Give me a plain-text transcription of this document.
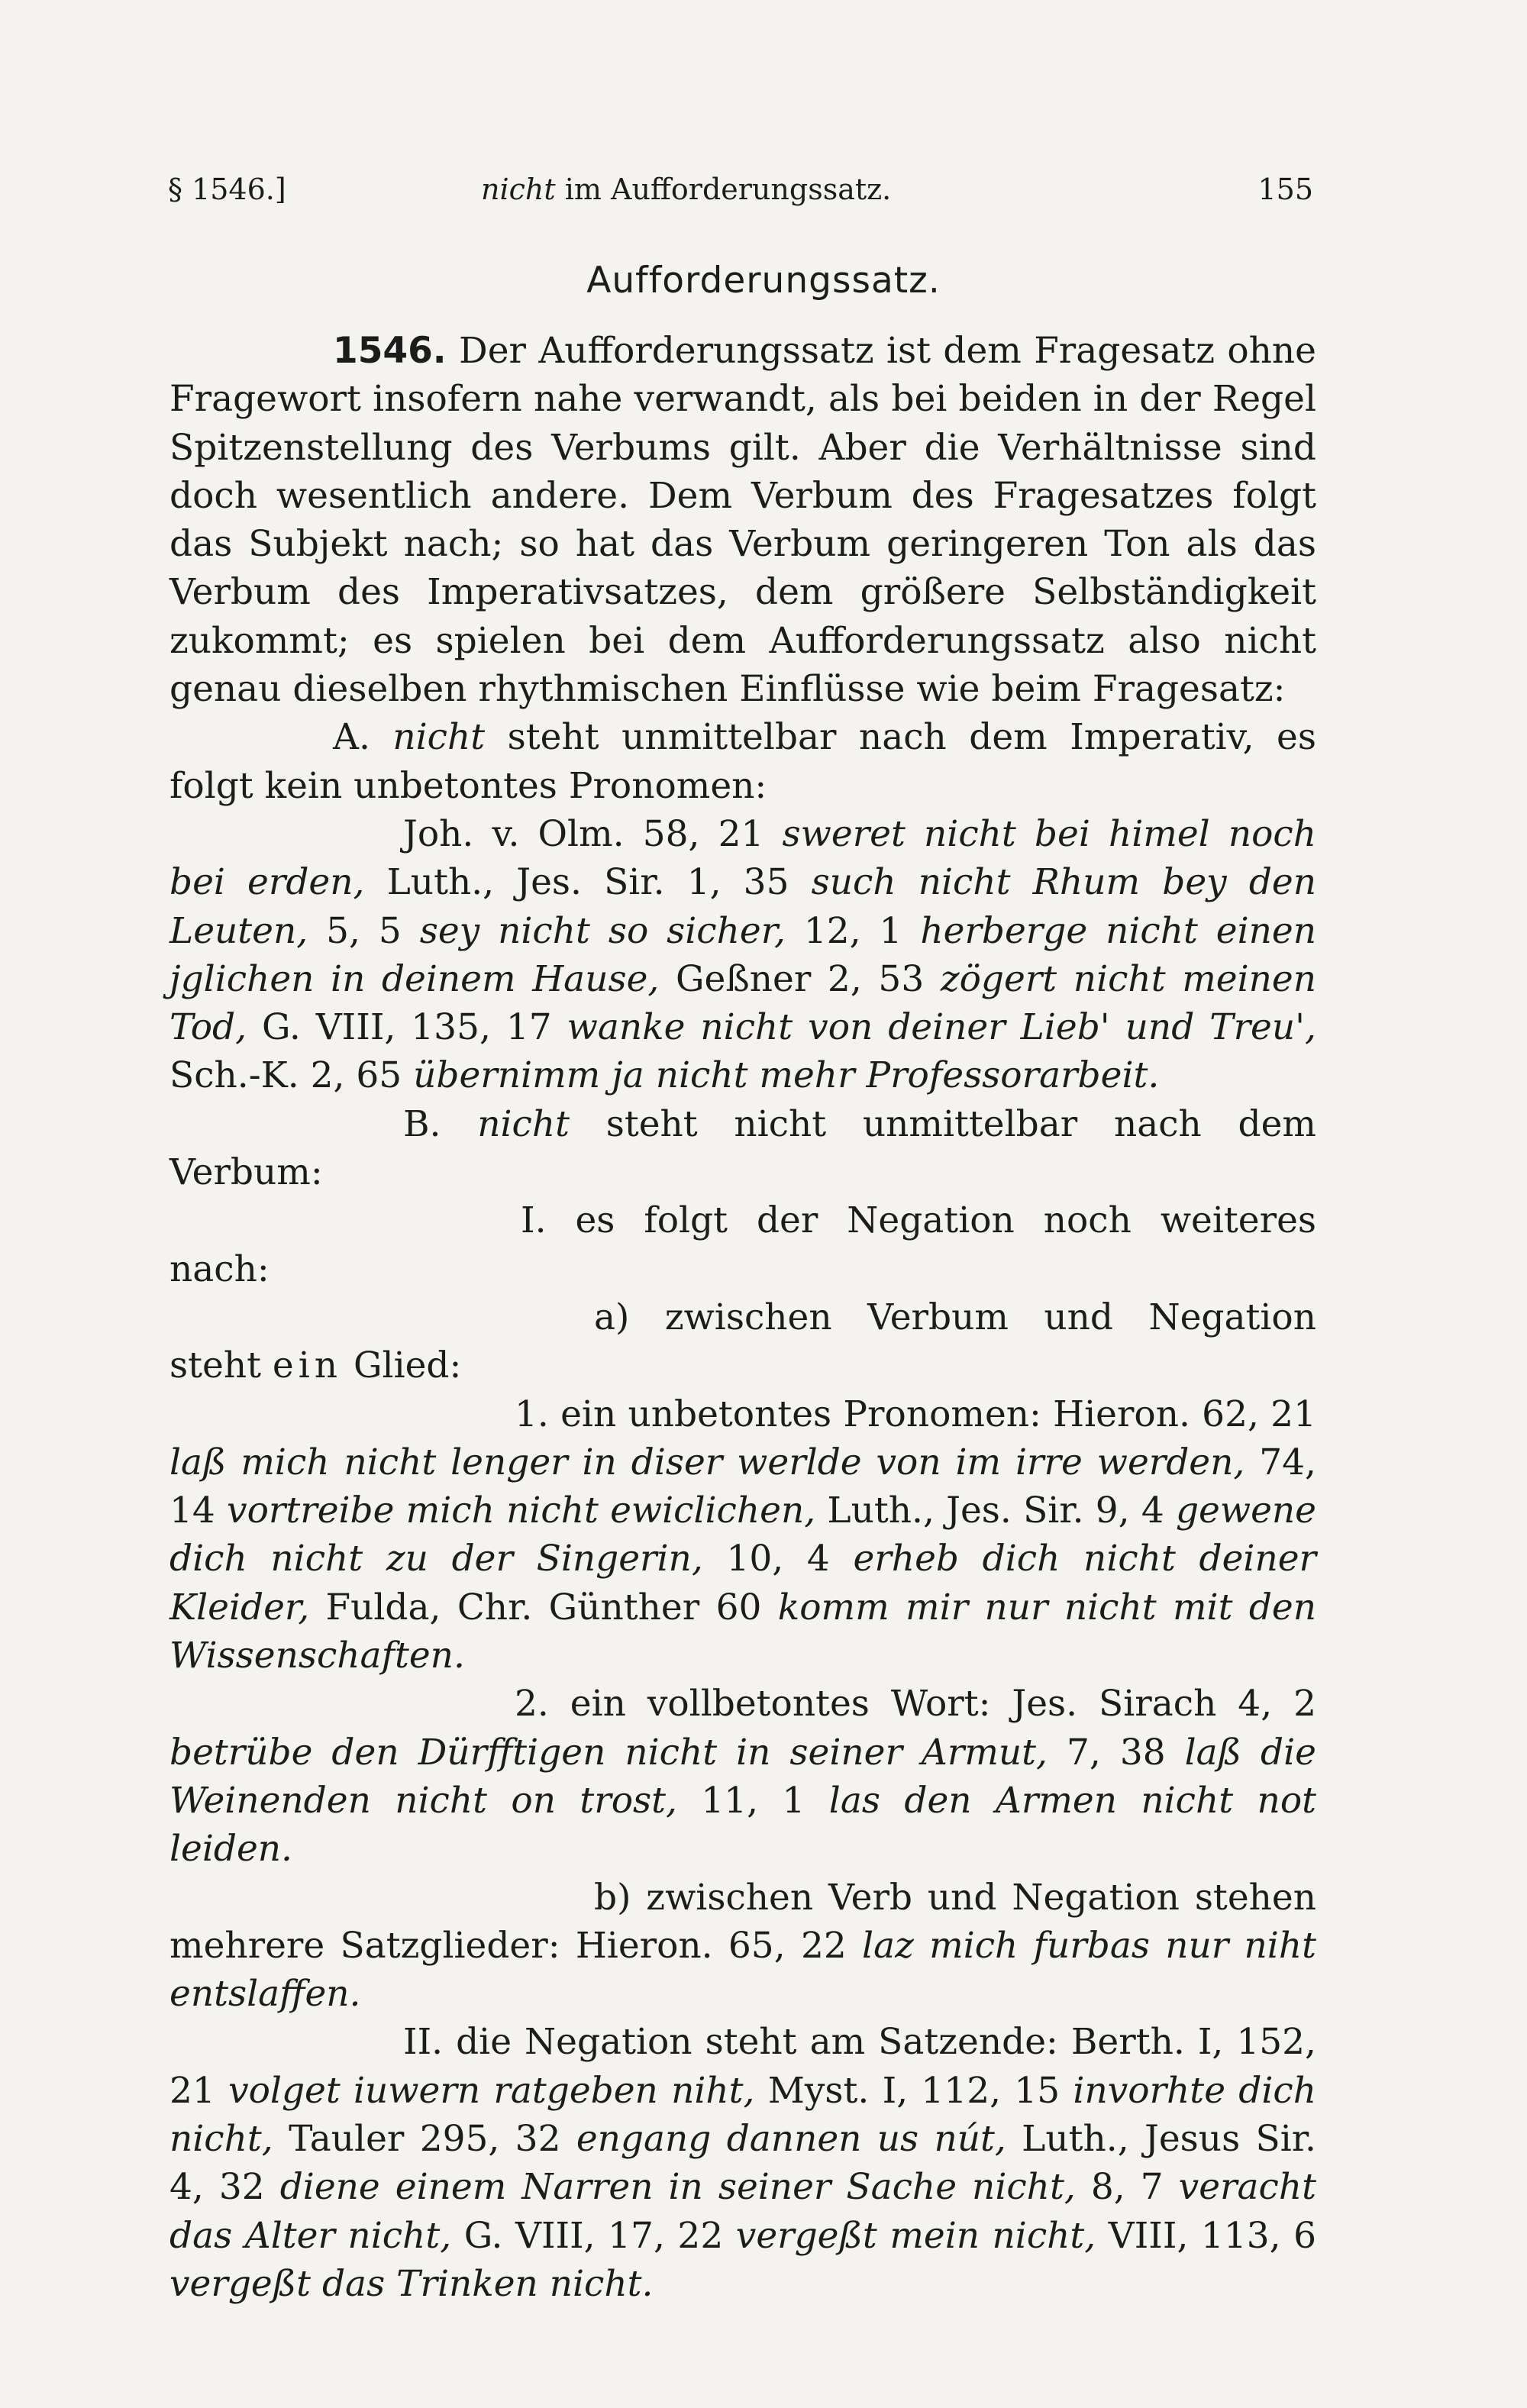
§ 1546.]	nicht im Aufforderungssatz.	155
Aufforderungssatz.

1546. Der Aufforderungssatz ist dem Fragesatz ohne Fragewort insofern nahe verwandt, als bei beiden in der Regel Spitzenstellung des Verbums gilt. Aber die Verhältnisse sind doch wesentlich andere. Dem Verbum des Fragesatzes folgt das Subjekt nach; so hat das Verbum geringeren Ton als das Verbum des Imperativsatzes, dem größere Selbständigkeit zukommt; es spielen bei dem Aufforderungssatz also nicht genau dieselben rhythmischen Einflüsse wie beim Fragesatz:

A. nicht steht unmittelbar nach dem Imperativ, es folgt kein unbetontes Pronomen:

Joh. v. Olm. 58, 21 sweret nicht bei himel noch bei erden, Luth., Jes. Sir. 1, 35 such nicht Rhum bey den Leuten, 5, 5 sey nicht so sicher, 12, 1 herberge nicht einen jglichen in deinem Hause, Geßner 2, 53 zögert nicht meinen Tod, G. VIII, 135, 17 wanke nicht von deiner Lieb' und Treu', Sch.-K. 2, 65 übernimm ja nicht mehr Professorarbeit.

B. nicht steht nicht unmittelbar nach dem Verbum:

I. es folgt der Negation noch weiteres nach:

a) zwischen Verbum und Negation steht ein Glied:

1. ein unbetontes Pronomen: Hieron. 62, 21 laß mich nicht lenger in diser werlde von im irre werden, 74, 14 vortreibe mich nicht ewiclichen, Luth., Jes. Sir. 9, 4 gewene dich nicht zu der Singerin, 10, 4 erheb dich nicht deiner Kleider, Fulda, Chr. Günther 60 komm mir nur nicht mit den Wissenschaften.

2. ein vollbetontes Wort: Jes. Sirach 4, 2 betrübe den Dürfftigen nicht in seiner Armut, 7, 38 laß die Weinenden nicht on trost, 11, 1 las den Armen nicht not leiden.

b) zwischen Verb und Negation stehen mehrere Satzglieder: Hieron. 65, 22 laz mich furbas nur niht entslaffen.

II. die Negation steht am Satzende: Berth. I, 152, 21 volget iuwern ratgeben niht, Myst. I, 112, 15 invorhte dich nicht, Tauler 295, 32 engang dannen us nút, Luth., Jesus Sir. 4, 32 diene einem Narren in seiner Sache nicht, 8, 7 veracht das Alter nicht, G. VIII, 17, 22 vergeßt mein nicht, VIII, 113, 6 vergeßt das Trinken nicht.
